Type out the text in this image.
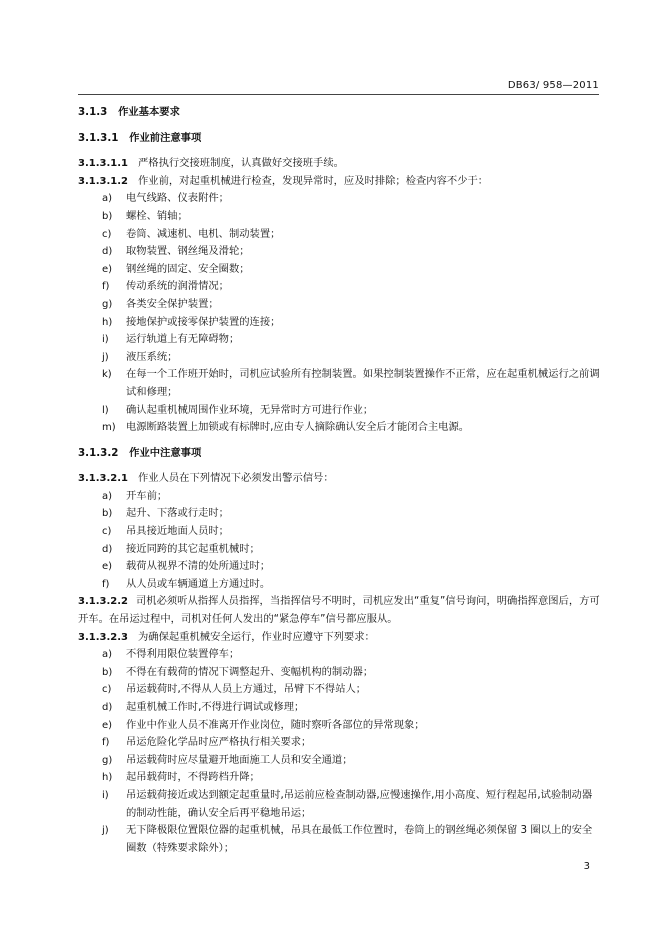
DB63/ 958—2011
3.1.3 作业基本要求
3.1.3.1 作业前注意事项
3.1.3.1.1 严格执行交接班制度，认真做好交接班手续。
3.1.3.1.2 作业前，对起重机械进行检查，发现异常时，应及时排除；检查内容不少于：
a)	电气线路、仪表附件；
b)	螺栓、销轴；
c)	卷筒、减速机、电机、制动装置；
d)	取物装置、钢丝绳及滑轮；
e)	钢丝绳的固定、安全圈数；
f)	传动系统的润滑情况；
g)	各类安全保护装置；
h)	接地保护或接零保护装置的连接；
i)	运行轨道上有无障碍物；
j)	液压系统；
k)	在每一个工作班开始时，司机应试验所有控制装置。如果控制装置操作不正常，应在起重机械运行之前调试和修理；
l)	确认起重机械周围作业环境，无异常时方可进行作业；
m)	电源断路装置上加锁或有标牌时,应由专人摘除确认安全后才能闭合主电源。
3.1.3.2 作业中注意事项
3.1.3.2.1 作业人员在下列情况下必须发出警示信号：
a)	开车前；
b)	起升、下落或行走时；
c)	吊具接近地面人员时；
d)	接近同跨的其它起重机械时；
e)	载荷从视界不清的处所通过时；
f)	从人员或车辆通道上方通过时。
3.1.3.2.2 司机必须听从指挥人员指挥，当指挥信号不明时，司机应发出“重复”信号询问，明确指挥意图后，方可开车。在吊运过程中，司机对任何人发出的“紧急停车”信号都应服从。
3.1.3.2.3 为确保起重机械安全运行，作业时应遵守下列要求：
a)	不得利用限位装置停车；
b)	不得在有载荷的情况下调整起升、变幅机构的制动器；
c)	吊运载荷时,不得从人员上方通过，吊臂下不得站人；
d)	起重机械工作时,不得进行调试或修理；
e)	作业中作业人员不准离开作业岗位，随时察听各部位的异常现象；
f)	吊运危险化学品时应严格执行相关要求；
g)	吊运载荷时应尽量避开地面施工人员和安全通道；
h)	起吊载荷时，不得跨档升降；
i)	吊运载荷接近或达到额定起重量时,吊运前应检查制动器,应慢速操作,用小高度、短行程起吊,试验制动器的制动性能，确认安全后再平稳地吊运；
j)	无下降极限位置限位器的起重机械，吊具在最低工作位置时，卷筒上的钢丝绳必须保留 3 圈以上的安全圈数（特殊要求除外）；
3
